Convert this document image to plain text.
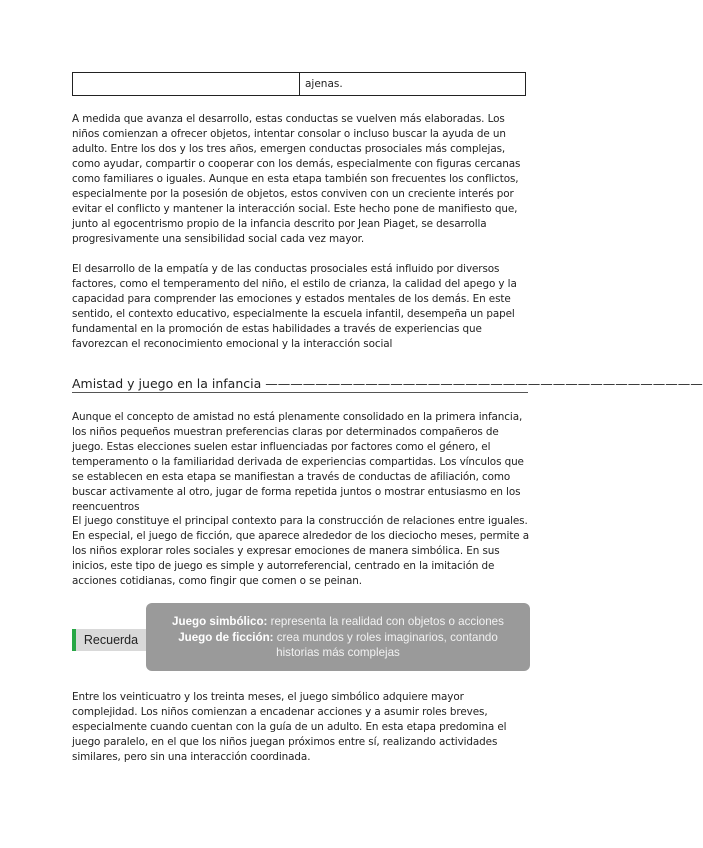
ajenas.

A medida que avanza el desarrollo, estas conductas se vuelven más elaboradas. Los niños comienzan a ofrecer objetos, intentar consolar o incluso buscar la ayuda de un adulto. Entre los dos y los tres años, emergen conductas prosociales más complejas, como ayudar, compartir o cooperar con los demás, especialmente con figuras cercanas como familiares o iguales. Aunque en esta etapa también son frecuentes los conflictos, especialmente por la posesión de objetos, estos conviven con un creciente interés por evitar el conflicto y mantener la interacción social. Este hecho pone de manifiesto que, junto al egocentrismo propio de la infancia descrito por Jean Piaget, se desarrolla progresivamente una sensibilidad social cada vez mayor.

El desarrollo de la empatía y de las conductas prosociales está influido por diversos factores, como el temperamento del niño, el estilo de crianza, la calidad del apego y la capacidad para comprender las emociones y estados mentales de los demás. En este sentido, el contexto educativo, especialmente la escuela infantil, desempeña un papel fundamental en la promoción de estas habilidades a través de experiencias que favorezcan el reconocimiento emocional y la interacción social

Amistad y juego en la infancia ———————————————————————————————————

Aunque el concepto de amistad no está plenamente consolidado en la primera infancia, los niños pequeños muestran preferencias claras por determinados compañeros de juego. Estas elecciones suelen estar influenciadas por factores como el género, el temperamento o la familiaridad derivada de experiencias compartidas. Los vínculos que se establecen en esta etapa se manifiestan a través de conductas de afiliación, como buscar activamente al otro, jugar de forma repetida juntos o mostrar entusiasmo en los reencuentros

El juego constituye el principal contexto para la construcción de relaciones entre iguales. En especial, el juego de ficción, que aparece alrededor de los dieciocho meses, permite a los niños explorar roles sociales y expresar emociones de manera simbólica. En sus inicios, este tipo de juego es simple y autorreferencial, centrado en la imitación de acciones cotidianas, como fingir que comen o se peinan.

Recuerda
Juego simbólico: representa la realidad con objetos o acciones
Juego de ficción: crea mundos y roles imaginarios, contando historias más complejas

Entre los veinticuatro y los treinta meses, el juego simbólico adquiere mayor complejidad. Los niños comienzan a encadenar acciones y a asumir roles breves, especialmente cuando cuentan con la guía de un adulto. En esta etapa predomina el juego paralelo, en el que los niños juegan próximos entre sí, realizando actividades similares, pero sin una interacción coordinada.
